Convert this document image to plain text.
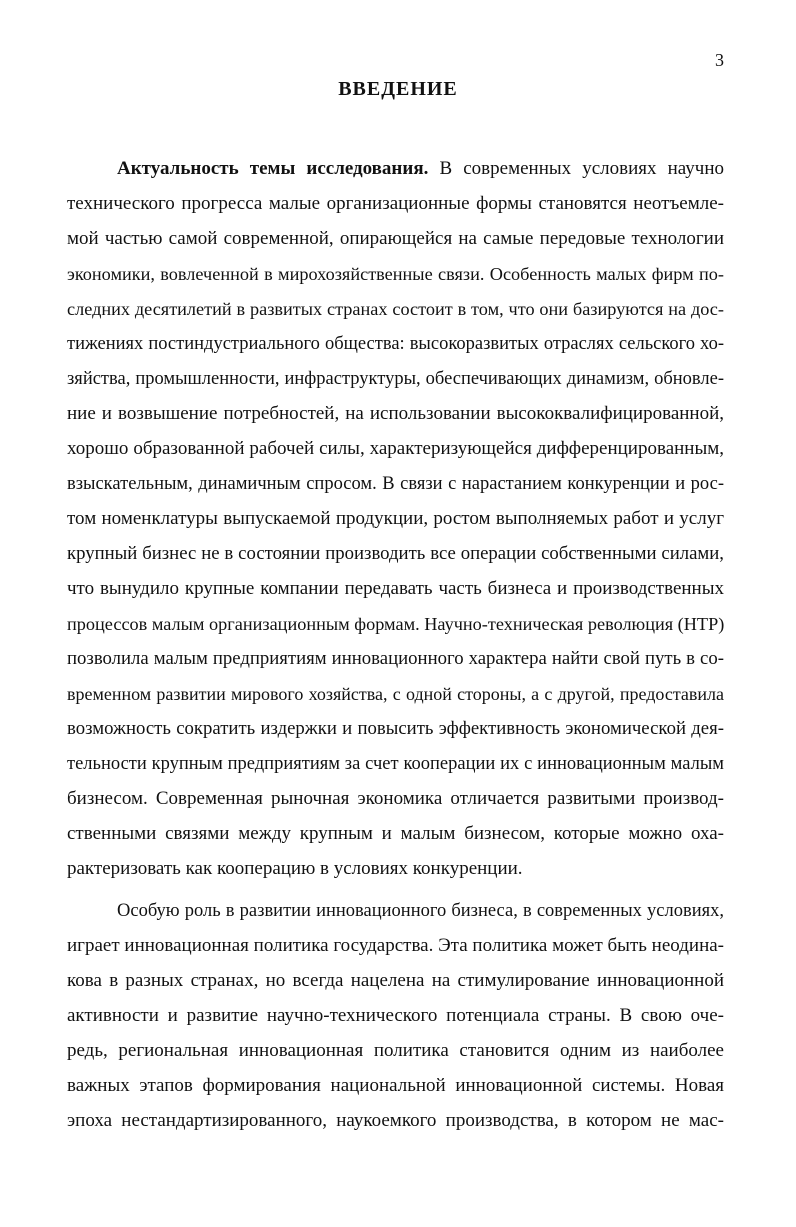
3
ВВЕДЕНИЕ
Актуальность темы исследования. В современных условиях научно
технического прогресса малые организационные формы становятся неотъемле-
мой частью самой современной, опирающейся на самые передовые технологии
экономики, вовлеченной в мирохозяйственные связи. Особенность малых фирм по-
следних десятилетий в развитых странах состоит в том, что они базируются на дос-
тижениях постиндустриального общества: высокоразвитых отраслях сельского хо-
зяйства, промышленности, инфраструктуры, обеспечивающих динамизм, обновле-
ние и возвышение потребностей, на использовании высококвалифицированной,
хорошо образованной рабочей силы, характеризующейся дифференцированным,
взыскательным, динамичным спросом. В связи с нарастанием конкуренции и рос-
том номенклатуры выпускаемой продукции, ростом выполняемых работ и услуг
крупный бизнес не в состоянии производить все операции собственными силами,
что вынудило крупные компании передавать часть бизнеса и производственных
процессов малым организационным формам. Научно-техническая революция (НТР)
позволила малым предприятиям инновационного характера найти свой путь в со-
временном развитии мирового хозяйства, с одной стороны, а с другой, предоставила
возможность сократить издержки и повысить эффективность экономической дея-
тельности крупным предприятиям за счет кооперации их с инновационным малым
бизнесом. Современная рыночная экономика отличается развитыми производ-
ственными связями между крупным и малым бизнесом, которые можно оха-
рактеризовать как кооперацию в условиях конкуренции.
Особую роль в развитии инновационного бизнеса, в современных условиях,
играет инновационная политика государства. Эта политика может быть неодина-
кова в разных странах, но всегда нацелена на стимулирование инновационной
активности и развитие научно-технического потенциала страны. В свою оче-
редь, региональная инновационная политика становится одним из наиболее
важных этапов формирования национальной инновационной системы. Новая
эпоха нестандартизированного, наукоемкого производства, в котором не мас-
